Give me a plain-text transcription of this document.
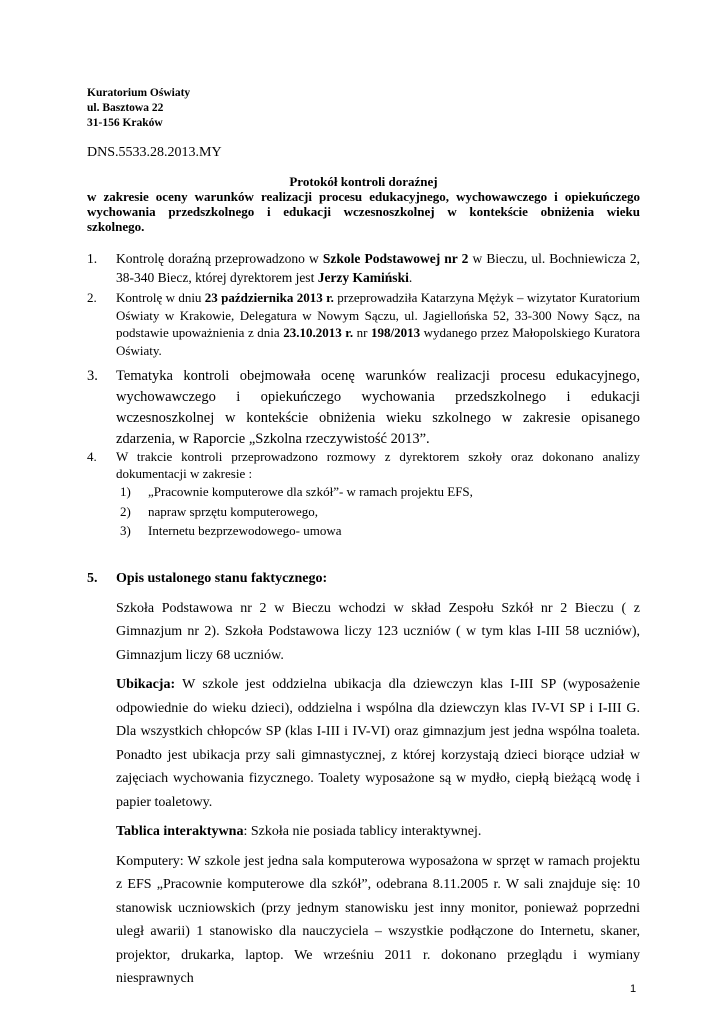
Kuratorium Oświaty
ul. Basztowa 22
31-156 Kraków
DNS.5533.28.2013.MY
Protokół kontroli doraźnej
w zakresie oceny warunków realizacji procesu edukacyjnego, wychowawczego i opiekuńczego
wychowania przedszkolnego i edukacji wczesnoszkolnej w kontekście obniżenia wieku
szkolnego.
1. Kontrolę doraźną przeprowadzono w Szkole Podstawowej nr 2 w Bieczu, ul. Bochniewicza 2, 38-340 Biecz, której dyrektorem jest Jerzy Kamiński.
2. Kontrolę w dniu 23 października 2013 r. przeprowadziła Katarzyna Mężyk – wizytator Kuratorium Oświaty w Krakowie, Delegatura w Nowym Sączu, ul. Jagiellońska 52, 33-300 Nowy Sącz, na podstawie upoważnienia z dnia 23.10.2013 r. nr 198/2013 wydanego przez Małopolskiego Kuratora Oświaty.
3. Tematyka kontroli obejmowała ocenę warunków realizacji procesu edukacyjnego, wychowawczego i opiekuńczego wychowania przedszkolnego i edukacji wczesnoszkolnej w kontekście obniżenia wieku szkolnego w zakresie opisanego zdarzenia, w Raporcie „Szkolna rzeczywistość 2013”.
4. W trakcie kontroli przeprowadzono rozmowy z dyrektorem szkoły oraz dokonano analizy dokumentacji w zakresie :
1) „Pracownie komputerowe dla szkół”- w ramach projektu EFS,
2) napraw sprzętu komputerowego,
3) Internetu bezprzewodowego- umowa
5. Opis ustalonego stanu faktycznego:

Szkoła Podstawowa nr 2 w Bieczu wchodzi w skład Zespołu Szkół nr 2 Bieczu ( z Gimnazjum nr 2). Szkoła Podstawowa liczy 123 uczniów ( w tym klas I-III 58 uczniów), Gimnazjum liczy 68 uczniów.

Ubikacja: W szkole jest oddzielna ubikacja dla dziewczyn klas I-III SP (wyposażenie odpowiednie do wieku dzieci), oddzielna i wspólna dla dziewczyn klas IV-VI SP i I-III G. Dla wszystkich chłopców SP (klas I-III i IV-VI) oraz gimnazjum jest jedna wspólna toaleta. Ponadto jest ubikacja przy sali gimnastycznej, z której korzystają dzieci biorące udział w zajęciach wychowania fizycznego. Toalety wyposażone są w mydło, ciepłą bieżącą wodę i papier toaletowy.

Tablica interaktywna: Szkoła nie posiada tablicy interaktywnej.

Komputery: W szkole jest jedna sala komputerowa wyposażona w sprzęt w ramach projektu z EFS „Pracownie komputerowe dla szkół”, odebrana 8.11.2005 r. W sali znajduje się: 10 stanowisk uczniowskich (przy jednym stanowisku jest inny monitor, ponieważ poprzedni uległ awarii) 1 stanowisko dla nauczyciela – wszystkie podłączone do Internetu, skaner, projektor, drukarka, laptop. We wrześniu 2011 r. dokonano przeglądu i wymiany niesprawnych

1
